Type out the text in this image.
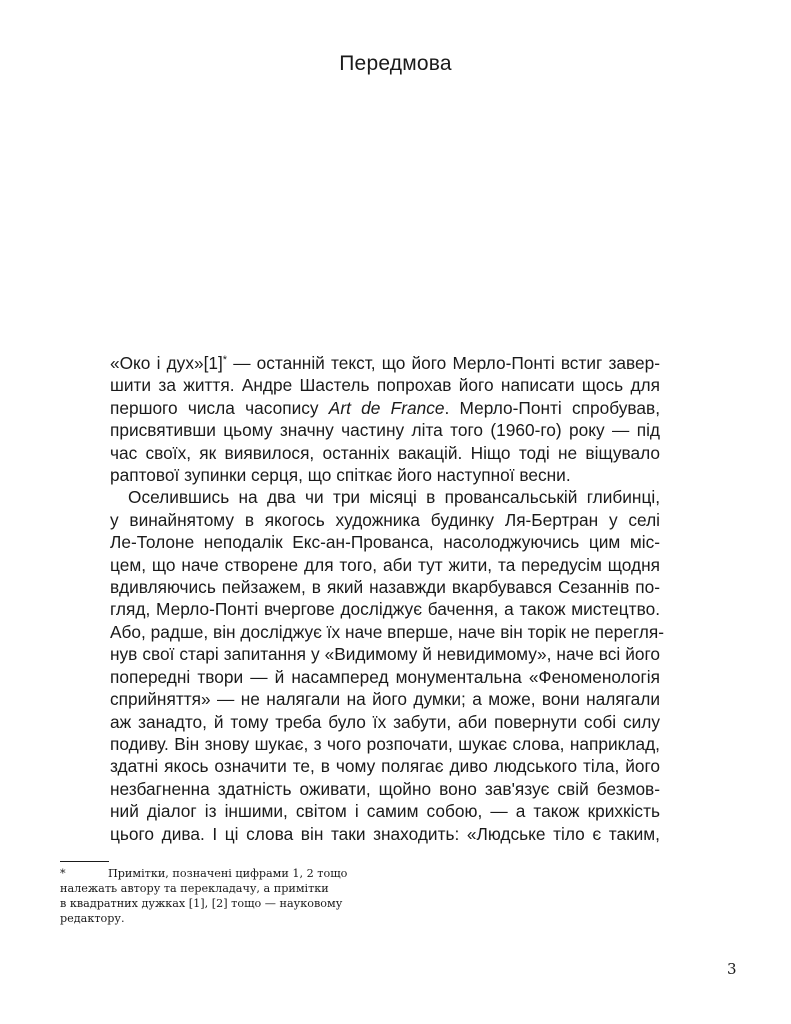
Передмова
«Око і дух»[1]* — останній текст, що його Мерло-Понті встиг завер-
шити за життя. Андре Шастель попрохав його написати щось для
першого числа часопису Art de France. Мерло-Понті спробував,
присвятивши цьому значну частину літа того (1960-го) року — під
час своїх, як виявилося, останніх вакацій. Ніщо тоді не віщувало
раптової зупинки серця, що спіткає його наступної весни.
Оселившись на два чи три місяці в провансальській глибинці,
у винайнятому в якогось художника будинку Ля-Бертран у селі
Ле-Толоне неподалік Екс-ан-Прованса, насолоджуючись цим міс-
цем, що наче створене для того, аби тут жити, та передусім щодня
вдивляючись пейзажем, в який назавжди вкарбувався Сезаннів по-
гляд, Мерло-Понті вчергове досліджує бачення, а також мистецтво.
Або, радше, він досліджує їх наче вперше, наче він торік не перегля-
нув свої старі запитання у «Видимому й невидимому», наче всі його
попередні твори — й насамперед монументальна «Феноменологія
сприйняття» — не налягали на його думки; а може, вони налягали
аж занадто, й тому треба було їх забути, аби повернути собі силу
подиву. Він знову шукає, з чого розпочати, шукає слова, наприклад,
здатні якось означити те, в чому полягає диво людського тіла, його
незбагненна здатність оживати, щойно воно зав'язує свій безмов-
ний діалог із іншими, світом і самим собою, — а також крихкість
цього дива. І ці слова він таки знаходить: «Людське тіло є таким,
*	Примітки, позначені цифрами 1, 2 тощо
належать автору та перекладачу, а примітки
в квадратних дужках [1], [2] тощо — науковому
редактору.
3
